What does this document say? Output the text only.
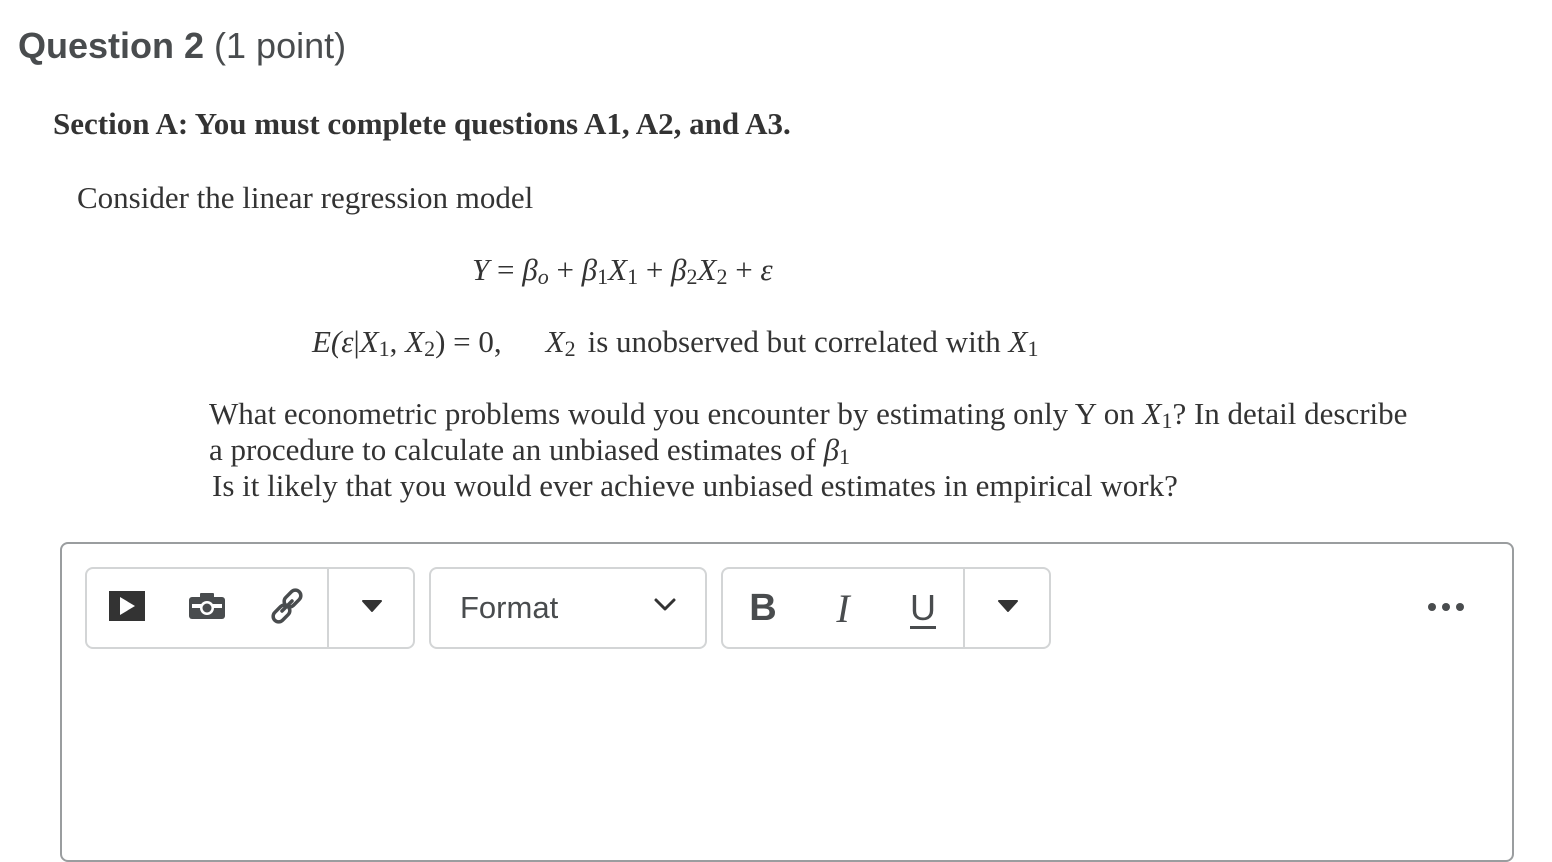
Question 2 (1 point)
Section A: You must complete questions A1, A2, and A3.
Consider the linear regression model
Y = βo + β1X1 + β2X2 + ε
E(ε|X1, X2) = 0, X2 is unobserved but correlated with X1
What econometric problems would you encounter by estimating only Y on X1? In detail describe
a procedure to calculate an unbiased estimates of β1
Is it likely that you would ever achieve unbiased estimates in empirical work?
Format	B	I	U
